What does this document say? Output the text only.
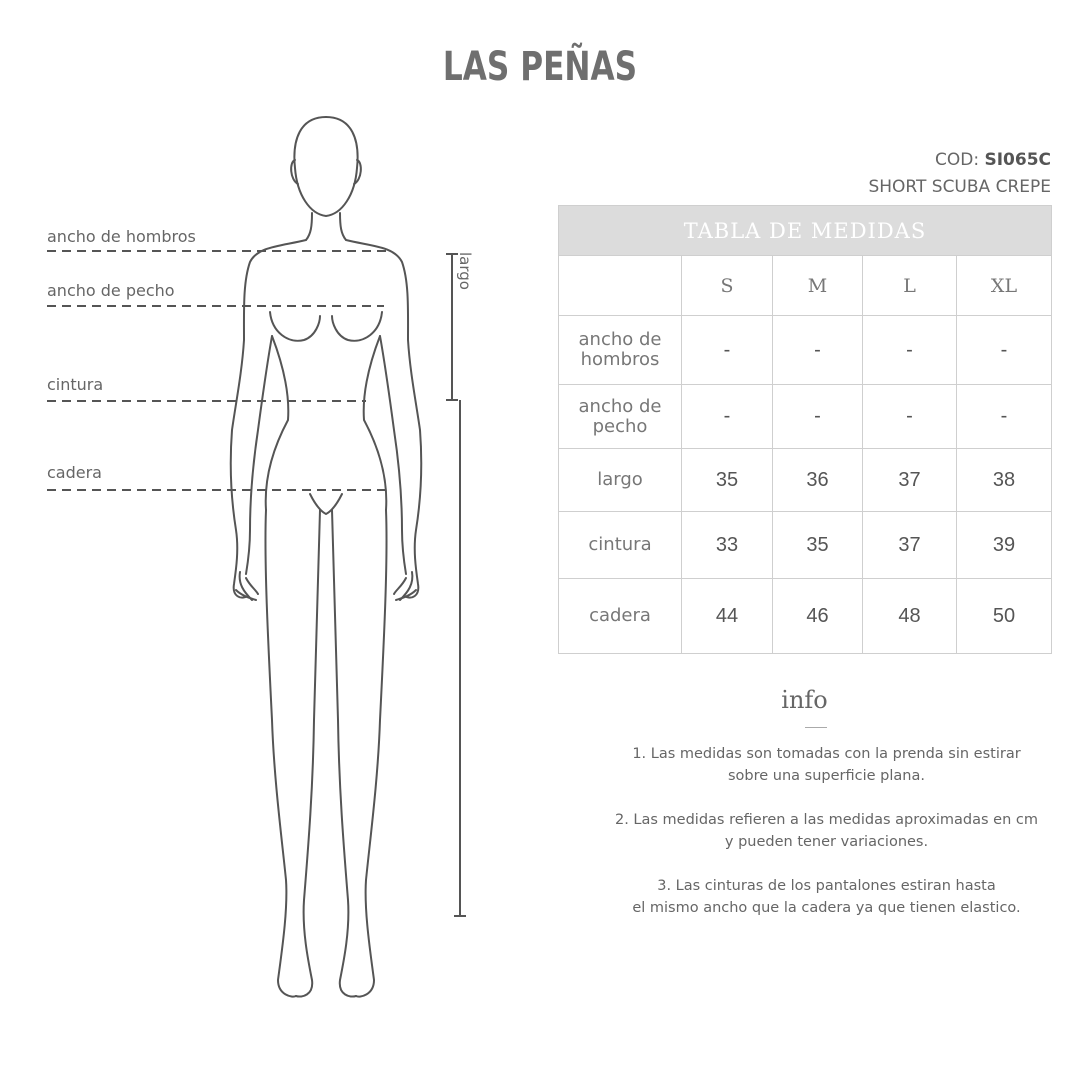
LAS PEÑAS
largo
ancho de hombros
ancho de pecho
cintura
cadera
COD: SI065C
SHORT SCUBA CREPE
TABLA DE MEDIDAS				
	S	M	L	XL
ancho de hombros	-	-	-	-
ancho de pecho	-	-	-	-
largo	35	36	37	38
cintura	33	35	37	39
cadera	44	46	48	50
info
1. Las medidas son tomadas con la prenda sin estirar
sobre una superficie plana.
2. Las medidas refieren a las medidas aproximadas en cm
y pueden tener variaciones.
3. Las cinturas de los pantalones estiran hasta
el mismo ancho que la cadera ya que tienen elastico.
